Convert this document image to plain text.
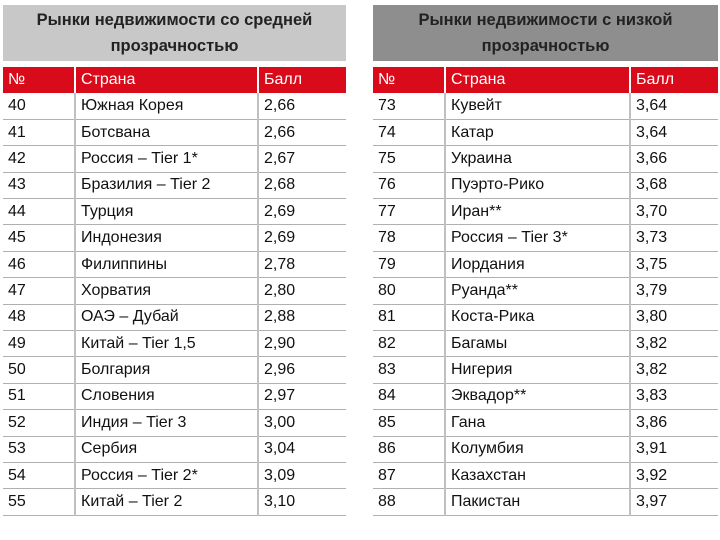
Рынки недвижимости со средней
прозрачностью
№	Страна	Балл
40	Южная Корея	2,66
41	Ботсвана	2,66
42	Россия – Tier 1*	2,67
43	Бразилия – Tier 2	2,68
44	Турция	2,69
45	Индонезия	2,69
46	Филиппины	2,78
47	Хорватия	2,80
48	ОАЭ – Дубай	2,88
49	Китай – Tier 1,5	2,90
50	Болгария	2,96
51	Словения	2,97
52	Индия – Tier 3	3,00
53	Сербия	3,04
54	Россия – Tier 2*	3,09
55	Китай – Tier 2	3,10
Рынки недвижимости с низкой
прозрачностью
№	Страна	Балл
73	Кувейт	3,64
74	Катар	3,64
75	Украина	3,66
76	Пуэрто-Рико	3,68
77	Иран**	3,70
78	Россия – Tier 3*	3,73
79	Иордания	3,75
80	Руанда**	3,79
81	Коста-Рика	3,80
82	Багамы	3,82
83	Нигерия	3,82
84	Эквадор**	3,83
85	Гана	3,86
86	Колумбия	3,91
87	Казахстан	3,92
88	Пакистан	3,97
